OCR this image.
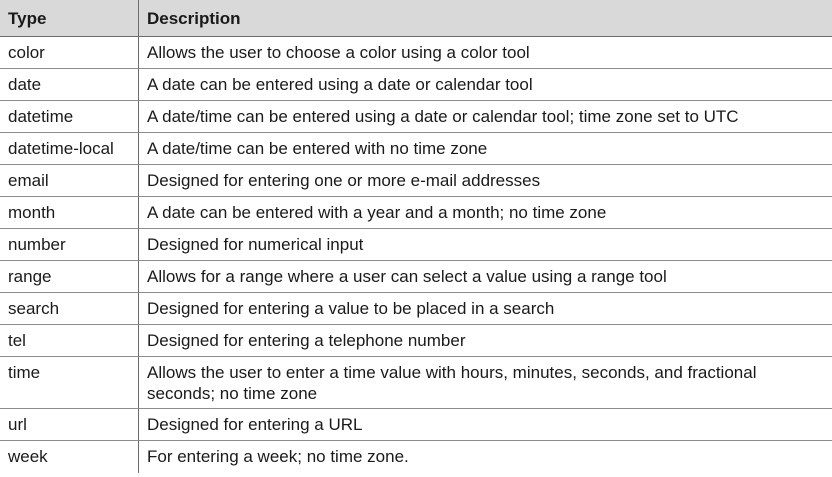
Type	Description
color	Allows the user to choose a color using a color tool
date	A date can be entered using a date or calendar tool
datetime	A date/time can be entered using a date or calendar tool; time zone set to UTC
datetime-local	A date/time can be entered with no time zone
email	Designed for entering one or more e-mail addresses
month	A date can be entered with a year and a month; no time zone
number	Designed for numerical input
range	Allows for a range where a user can select a value using a range tool
search	Designed for entering a value to be placed in a search
tel	Designed for entering a telephone number
time	Allows the user to enter a time value with hours, minutes, seconds, and fractional seconds; no time zone
url	Designed for entering a URL
week	For entering a week; no time zone.
